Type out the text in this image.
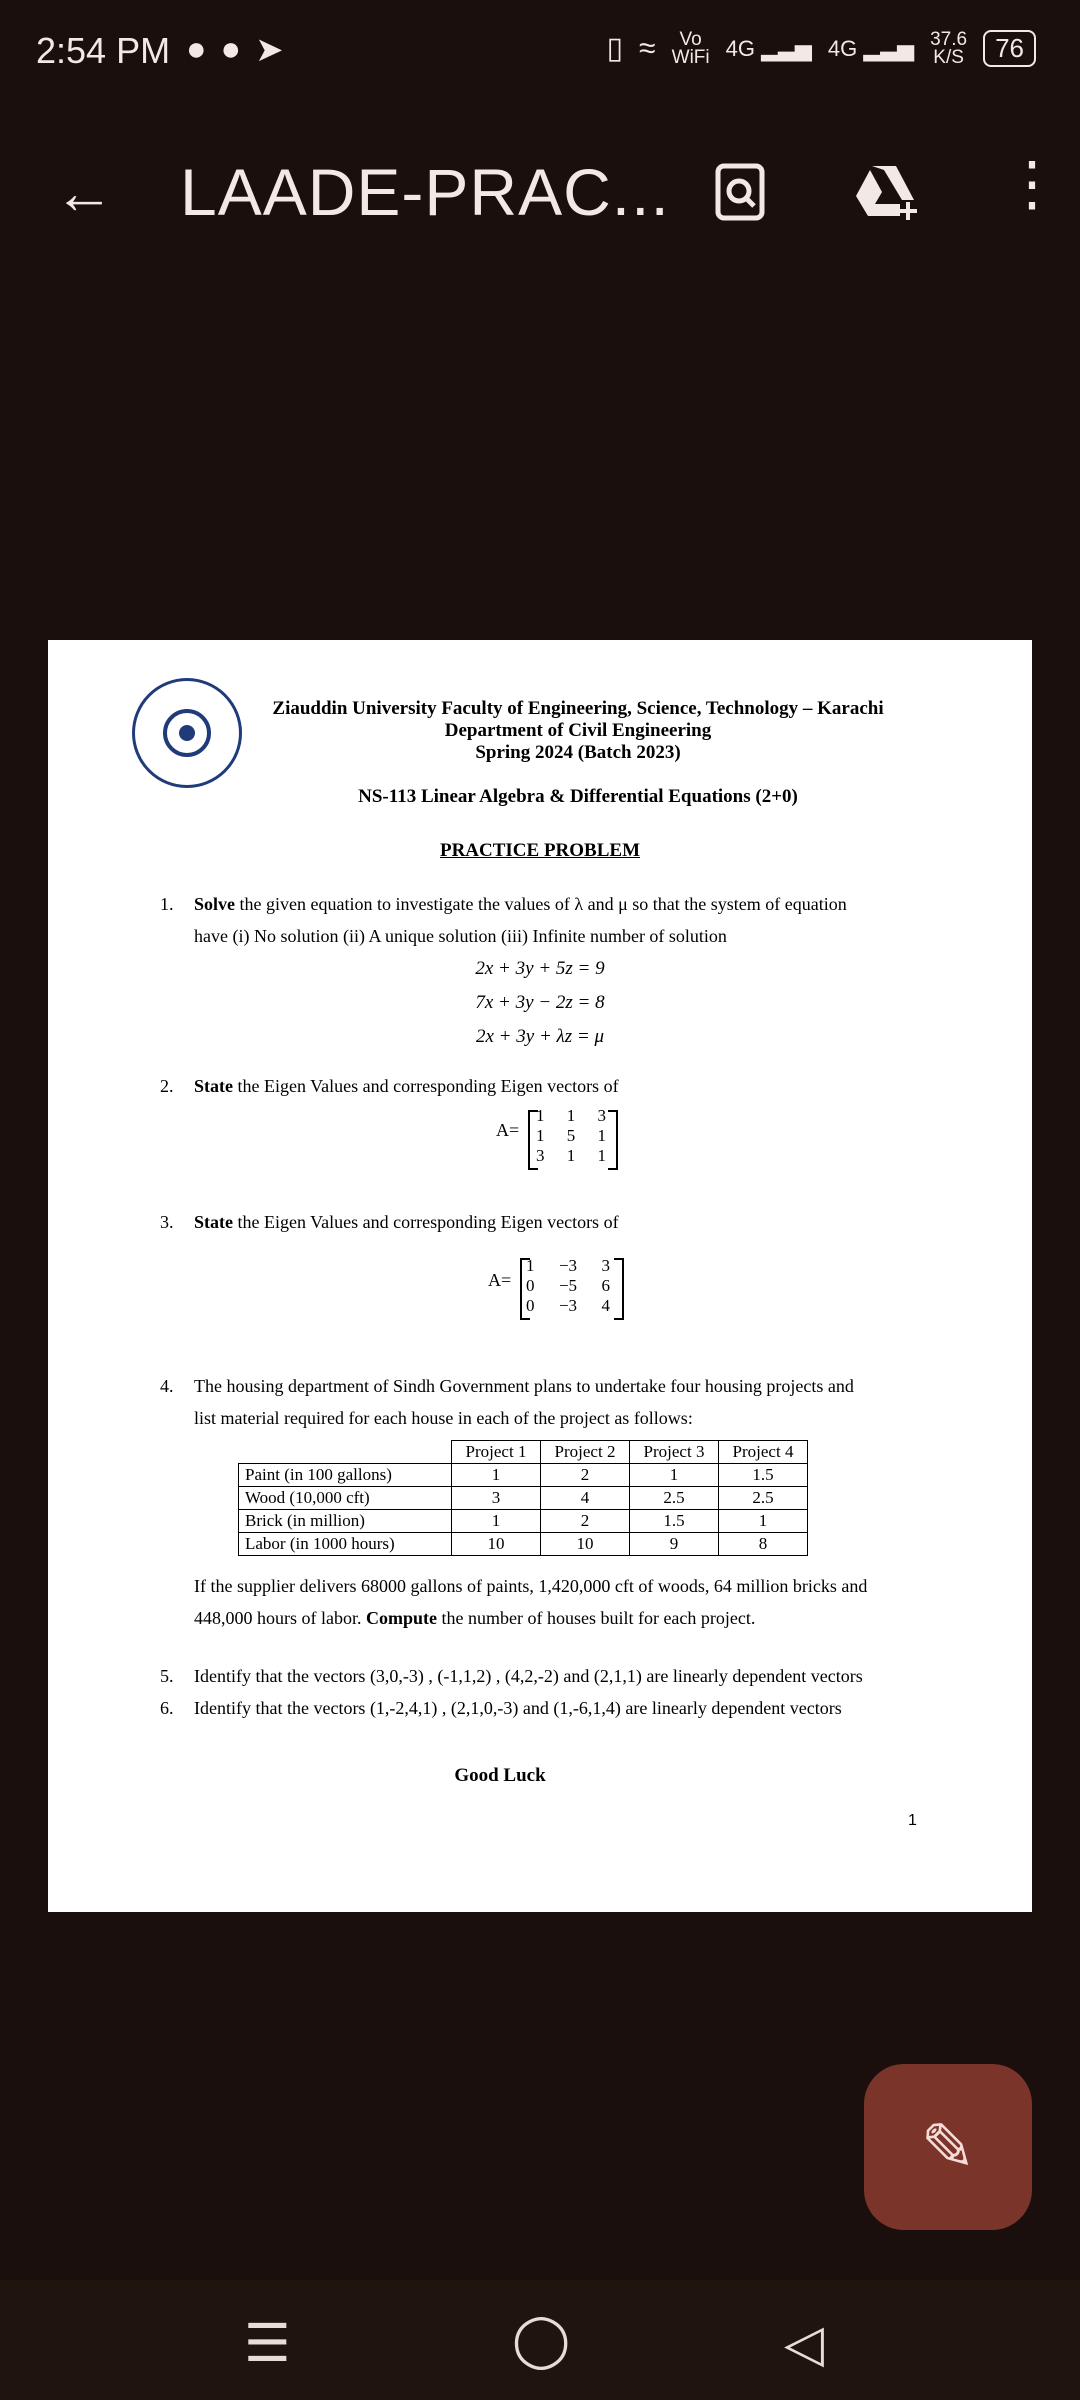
2:54 PM ● ● ➤	▯ ≈ Vo
WiFi 4G ▂▃▅ 4G ▂▃▅ 37.6
K/S	76
← LAADE-PRAC...	⋮
Ziauddin University Faculty of Engineering, Science, Technology – Karachi
Department of Civil Engineering
Spring 2024 (Batch 2023)
NS-113 Linear Algebra & Differential Equations (2+0)
PRACTICE PROBLEM
1. Solve the given equation to investigate the values of λ and μ so that the system of equation
have (i) No solution (ii) A unique solution (iii) Infinite number of solution
2x + 3y + 5z = 9
7x + 3y − 2z = 8
2x + 3y + λz = μ
2. State the Eigen Values and corresponding Eigen vectors of
A=
1 1 3
1 5 1
3 1 1
3. State the Eigen Values and corresponding Eigen vectors of
A=
1 −3 3
0 −5 6
0 −3 4
4. The housing department of Sindh Government plans to undertake four housing projects and
list material required for each house in each of the project as follows:
	Project 1	Project 2	Project 3	Project 4
Paint (in 100 gallons)	1	2	1	1.5
Wood (10,000 cft)	3	4	2.5	2.5
Brick (in million)	1	2	1.5	1
Labor (in 1000 hours)	10	10	9	8
If the supplier delivers 68000 gallons of paints, 1,420,000 cft of woods, 64 million bricks and
448,000 hours of labor. Compute the number of houses built for each project.
5. Identify that the vectors (3,0,-3) , (-1,1,2) , (4,2,-2) and (2,1,1) are linearly dependent vectors
6. Identify that the vectors (1,-2,4,1) , (2,1,0,-3) and (1,-6,1,4) are linearly dependent vectors
Good Luck
1
✎
☰	◯	◁
